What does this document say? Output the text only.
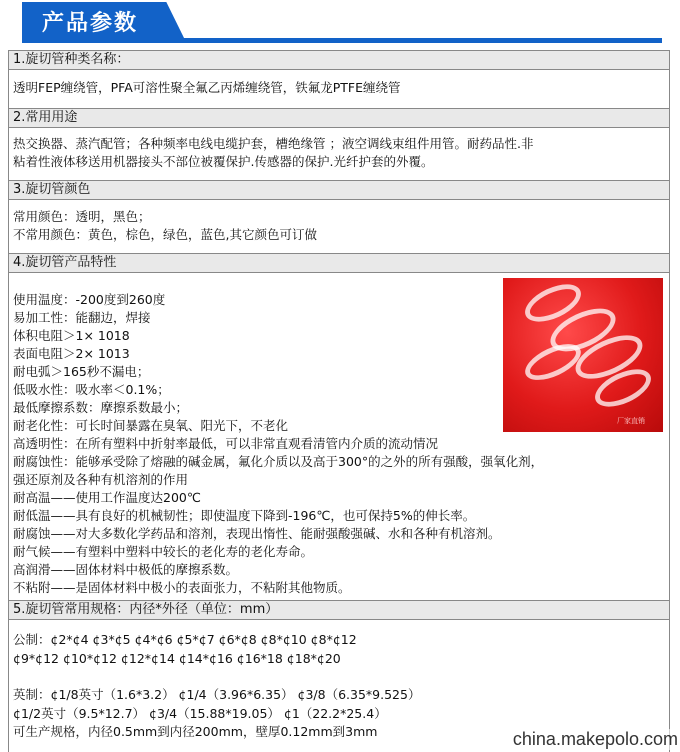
产品参数
1.旋切管种类名称：
透明FEP缠绕管，PFA可溶性聚全氟乙丙烯缠绕管，铁氟龙PTFE缠绕管
2.常用用途
热交换器、蒸汽配管；各种频率电线电缆护套，槽绝缘管 ；液空调线束组件用管。耐药品性.非
粘着性液体移送用机器接头不部位被覆保护.传感器的保护.光纤护套的外覆。
3.旋切管颜色
常用颜色：透明，黑色；
不常用颜色：黄色，棕色，绿色，蓝色,其它颜色可订做
4.旋切管产品特性
使用温度：-200度到260度
易加工性：能翻边，焊接
体积电阻＞1× 1018
表面电阻＞2× 1013
耐电弧＞165秒不漏电；
低吸水性：吸水率＜0.1%；
最低摩擦系数：摩擦系数最小；
耐老化性：可长时间暴露在臭氧、阳光下，不老化
高透明性：在所有塑料中折射率最低，可以非常直观看清管内介质的流动情况
耐腐蚀性：能够承受除了熔融的碱金属，氟化介质以及高于300°的之外的所有强酸，强氧化剂，
强还原剂及各种有机溶剂的作用
耐高温——使用工作温度达200℃
耐低温——具有良好的机械韧性；即使温度下降到-196℃，也可保持5%的伸长率。
耐腐蚀——对大多数化学药品和溶剂，表现出惰性、能耐强酸强碱、水和各种有机溶剂。
耐气候——有塑料中塑料中较长的老化寿的老化寿命。
高润滑——固体材料中极低的摩擦系数。
不粘附——是固体材料中极小的表面张力，不粘附其他物质。
厂家直销
5.旋切管常用规格：内径*外径（单位：mm）
公制：¢2*¢4 ¢3*¢5 ¢4*¢6 ¢5*¢7 ¢6*¢8 ¢8*¢10 ¢8*¢12
¢9*¢12 ¢10*¢12 ¢12*¢14 ¢14*¢16 ¢16*18 ¢18*¢20
英制：¢1/8英寸（1.6*3.2） ¢1/4（3.96*6.35） ¢3/8（6.35*9.525）
¢1/2英寸（9.5*12.7） ¢3/4（15.88*19.05） ¢1（22.2*25.4）
可生产规格，内径0.5mm到内径200mm，壁厚0.12mm到3mm	china.makepolo.com
